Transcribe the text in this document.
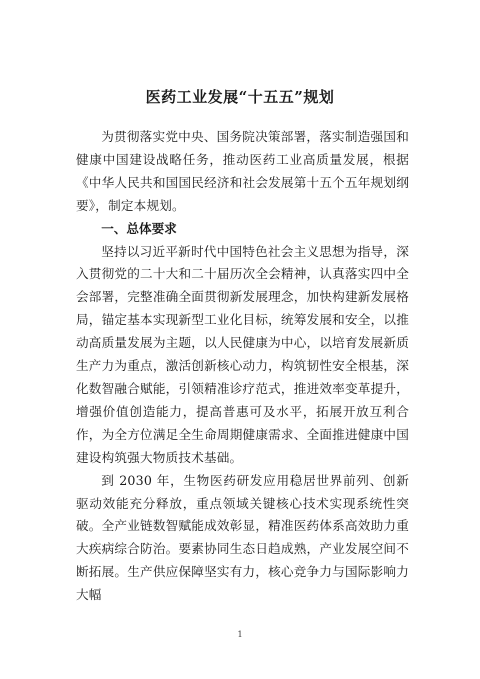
医药工业发展“十五五”规划

为贯彻落实党中央、国务院决策部署，落实制造强国和健康中国建设战略任务，推动医药工业高质量发展，根据《中华人民共和国国民经济和社会发展第十五个五年规划纲要》，制定本规划。

一、总体要求

坚持以习近平新时代中国特色社会主义思想为指导，深入贯彻党的二十大和二十届历次全会精神，认真落实四中全会部署，完整准确全面贯彻新发展理念，加快构建新发展格局，锚定基本实现新型工业化目标，统筹发展和安全，以推动高质量发展为主题，以人民健康为中心，以培育发展新质生产力为重点，激活创新核心动力，构筑韧性安全根基，深化数智融合赋能，引领精准诊疗范式，推进效率变革提升，增强价值创造能力，提高普惠可及水平，拓展开放互利合作，为全方位满足全生命周期健康需求、全面推进健康中国建设构筑强大物质技术基础。

到 2030 年，生物医药研发应用稳居世界前列、创新驱动效能充分释放，重点领域关键核心技术实现系统性突破。全产业链数智赋能成效彰显，精准医药体系高效助力重大疾病综合防治。要素协同生态日趋成熟，产业发展空间不断拓展。生产供应保障坚实有力，核心竞争力与国际影响力大幅

1
